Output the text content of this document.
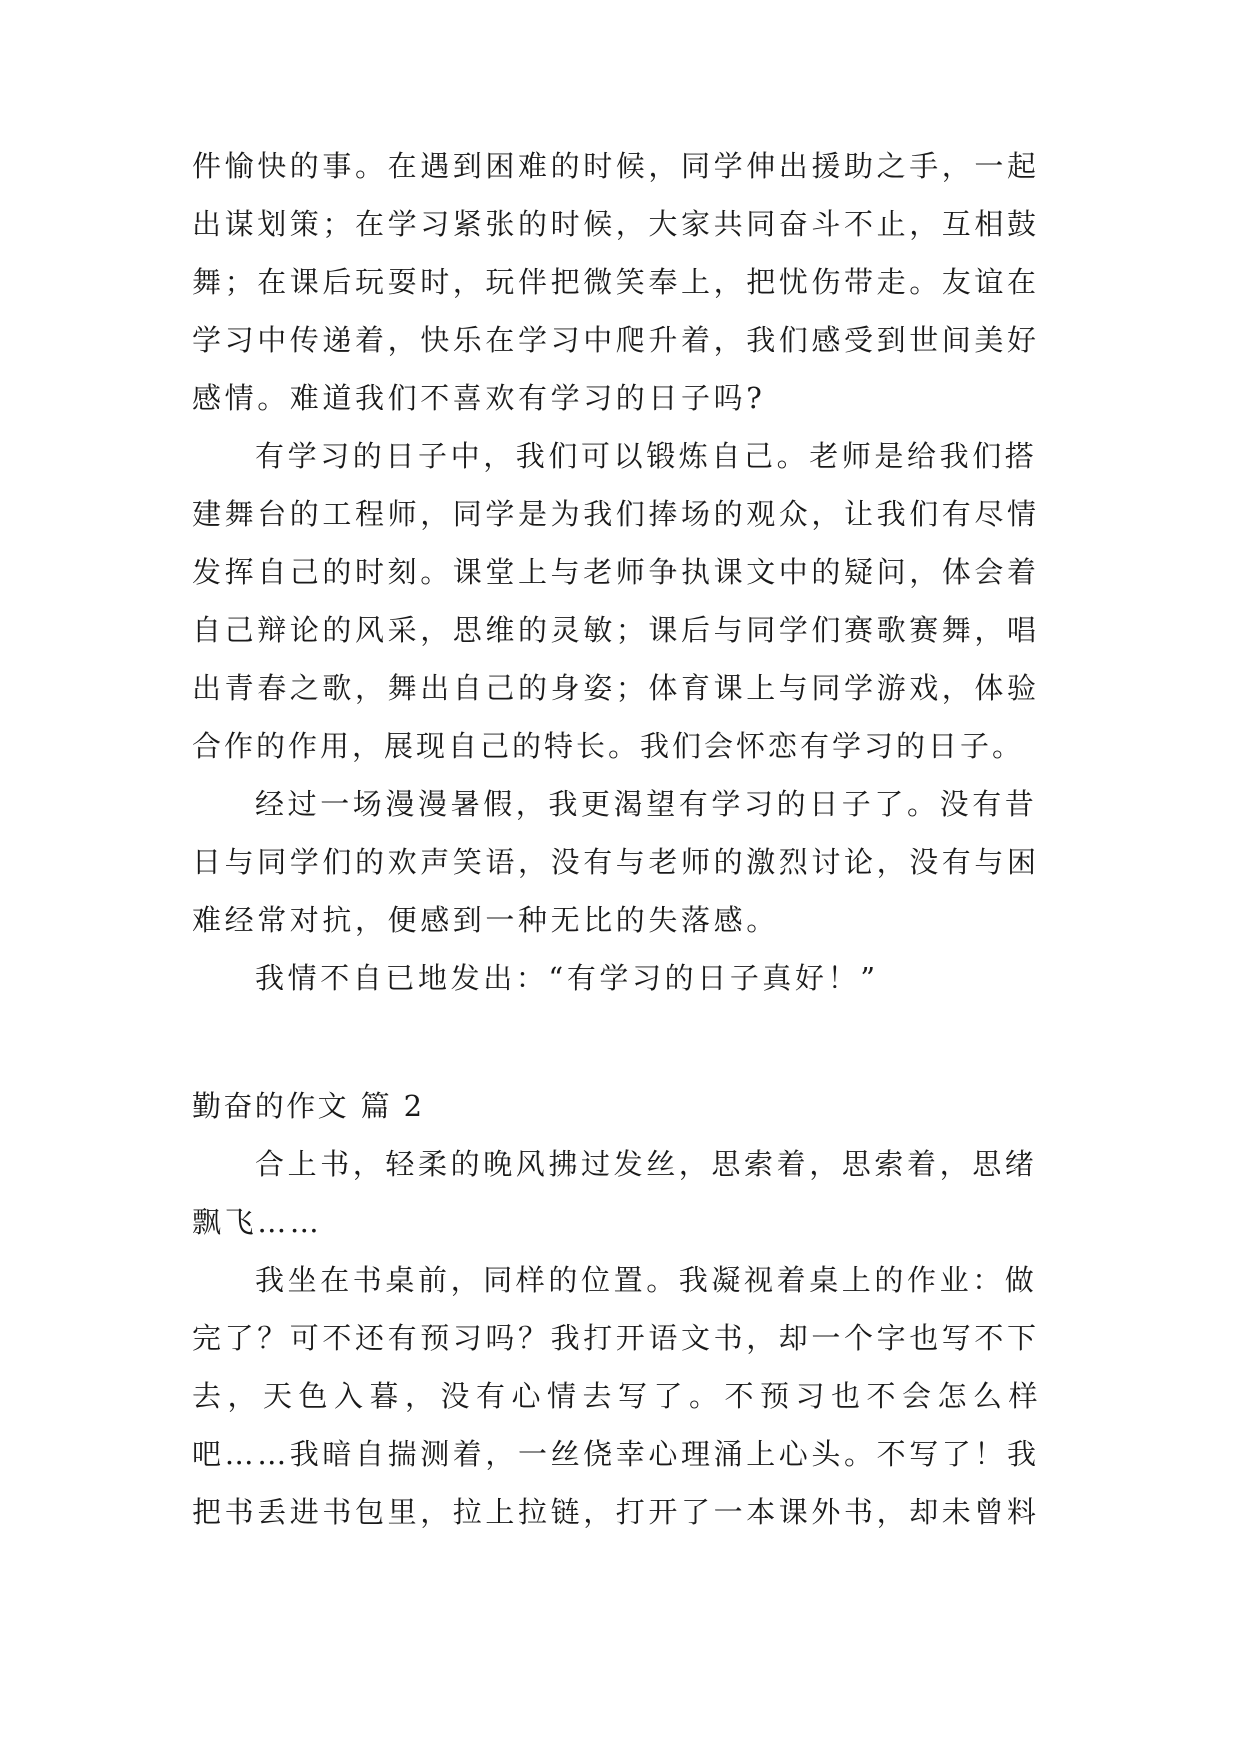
件愉快的事。在遇到困难的时候，同学伸出援助之手，一起
出谋划策；在学习紧张的时候，大家共同奋斗不止，互相鼓
舞；在课后玩耍时，玩伴把微笑奉上，把忧伤带走。友谊在
学习中传递着，快乐在学习中爬升着，我们感受到世间美好
感情。难道我们不喜欢有学习的日子吗?
有学习的日子中，我们可以锻炼自己。老师是给我们搭
建舞台的工程师，同学是为我们捧场的观众，让我们有尽情
发挥自己的时刻。课堂上与老师争执课文中的疑问，体会着
自己辩论的风采，思维的灵敏；课后与同学们赛歌赛舞，唱
出青春之歌，舞出自己的身姿；体育课上与同学游戏，体验
合作的作用，展现自己的特长。我们会怀恋有学习的日子。
经过一场漫漫暑假，我更渴望有学习的日子了。没有昔
日与同学们的欢声笑语，没有与老师的激烈讨论，没有与困
难经常对抗，便感到一种无比的失落感。
我情不自已地发出：“有学习的日子真好！”
勤奋的作文 篇 2
合上书，轻柔的晚风拂过发丝，思索着，思索着，思绪
飘飞……
我坐在书桌前，同样的位置。我凝视着桌上的作业：做
完了？可不还有预习吗？我打开语文书，却一个字也写不下
去，天色入暮，没有心情去写了。不预习也不会怎么样
吧……我暗自揣测着，一丝侥幸心理涌上心头。不写了！我
把书丢进书包里，拉上拉链，打开了一本课外书，却未曾料
